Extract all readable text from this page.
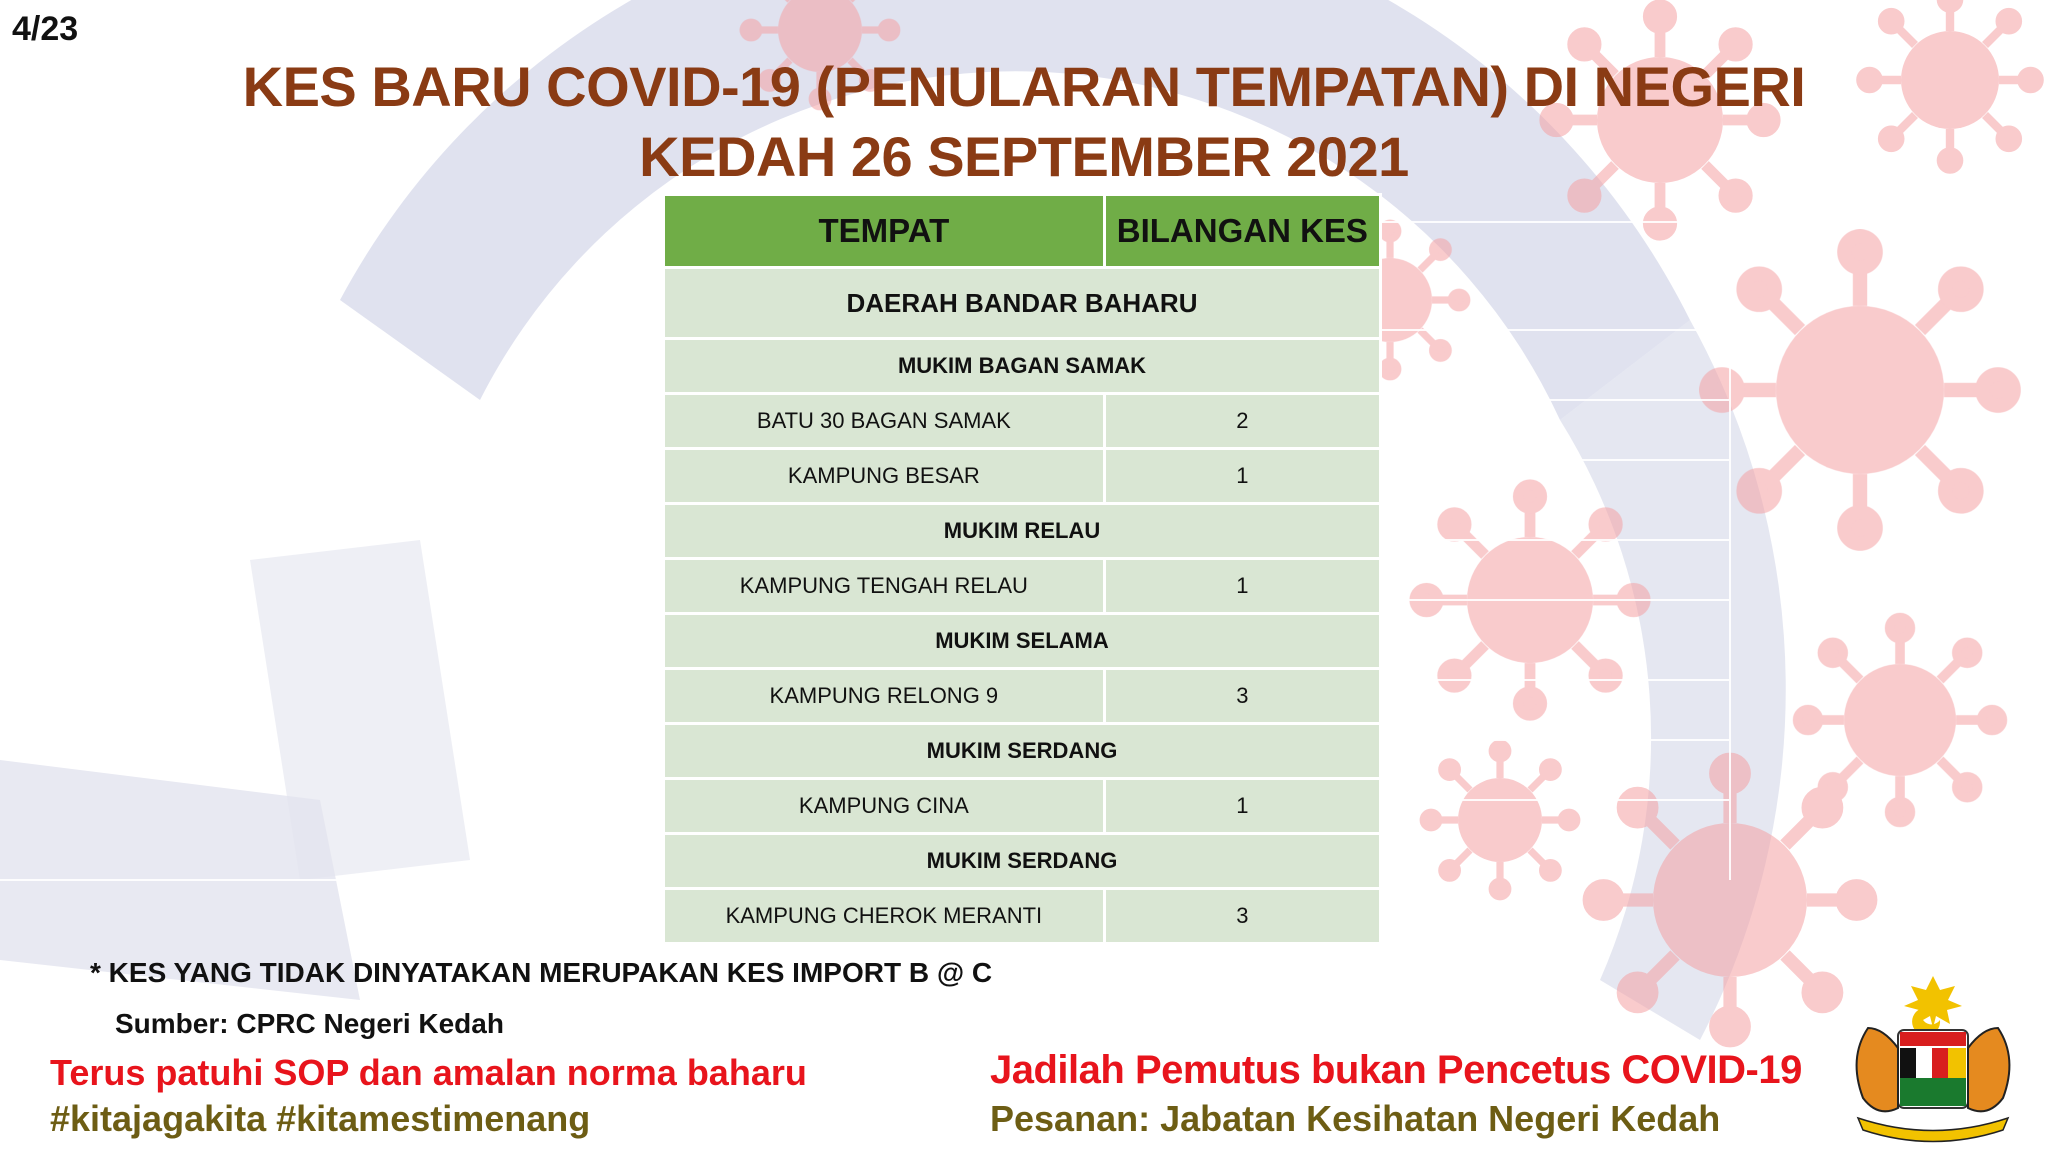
4/23
KES BARU COVID-19 (PENULARAN TEMPATAN) DI NEGERI
KEDAH 26 SEPTEMBER 2021
TEMPAT	BILANGAN KES
DAERAH BANDAR BAHARU	
MUKIM BAGAN SAMAK	
BATU 30 BAGAN SAMAK	2
KAMPUNG BESAR	1
MUKIM RELAU	
KAMPUNG TENGAH RELAU	1
MUKIM SELAMA	
KAMPUNG RELONG 9	3
MUKIM SERDANG	
KAMPUNG CINA	1
MUKIM SERDANG	
KAMPUNG CHEROK MERANTI	3
* KES YANG TIDAK DINYATAKAN MERUPAKAN KES IMPORT B @ C
Sumber: CPRC Negeri Kedah
Terus patuhi SOP dan amalan norma baharu
#kitajagakita #kitamestimenang
Jadilah Pemutus bukan Pencetus COVID-19
Pesanan: Jabatan Kesihatan Negeri Kedah
